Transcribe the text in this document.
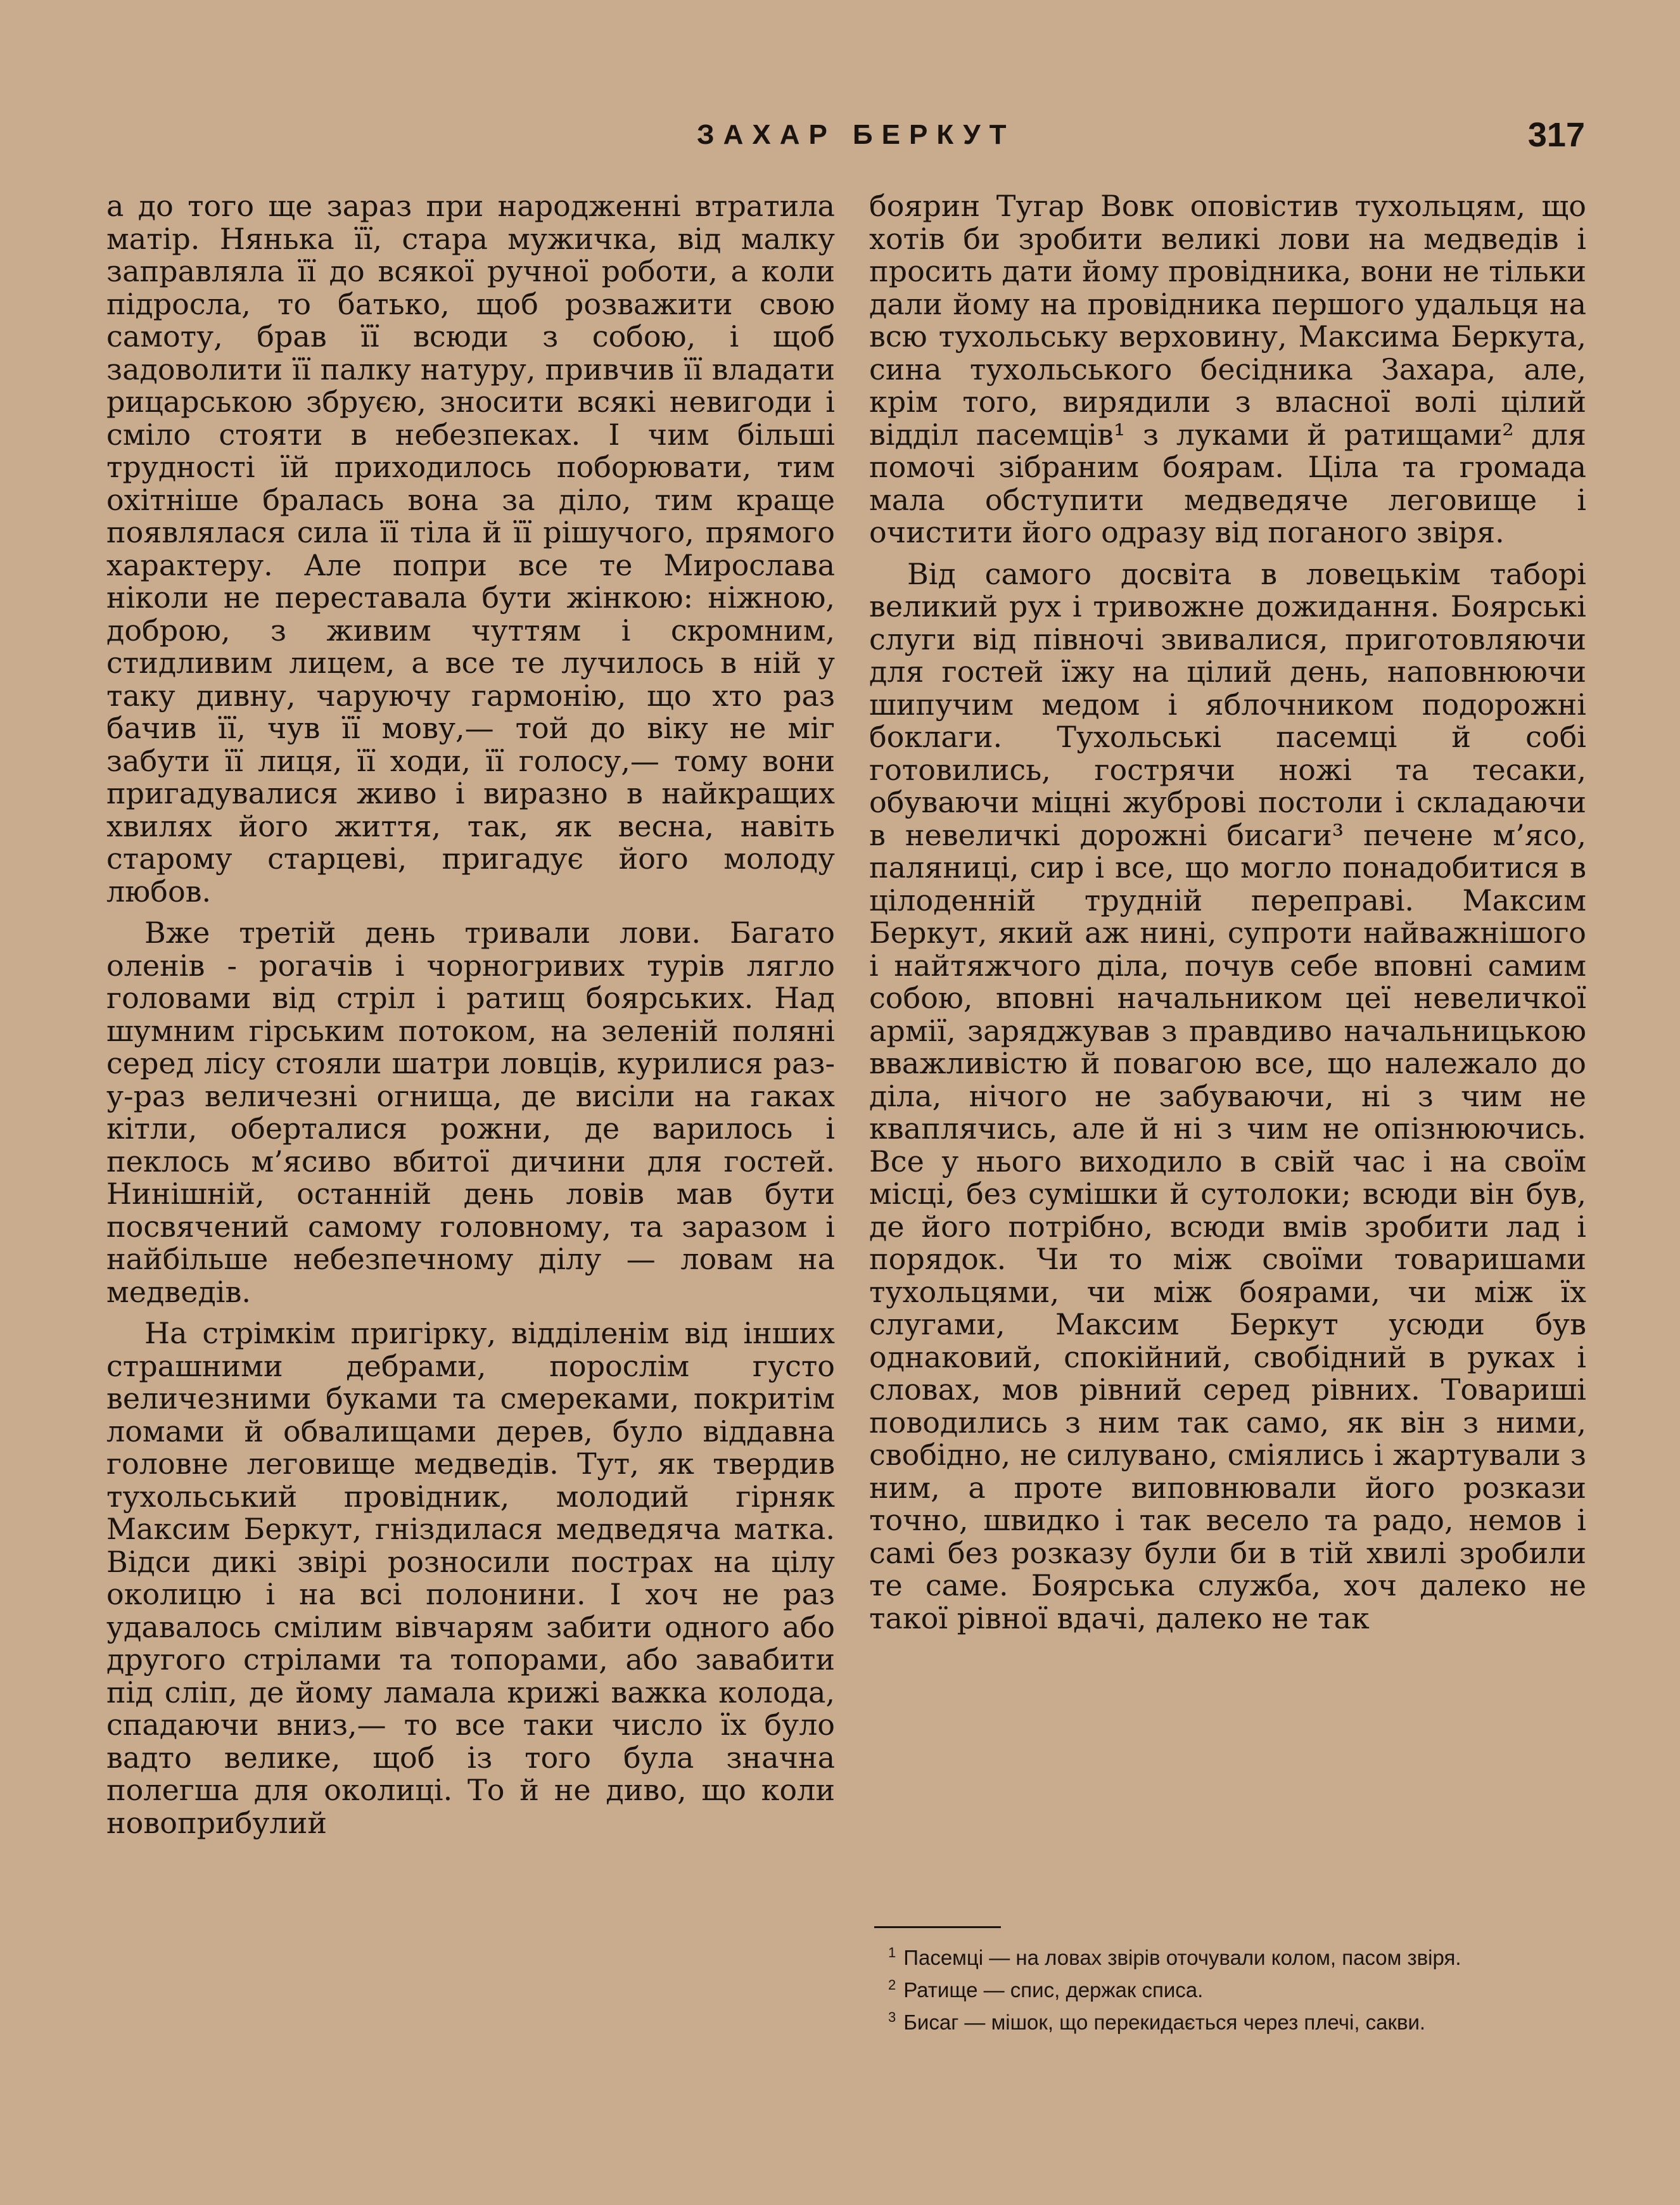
ЗАХАР БЕРКУТ	317

а до того ще зараз при народженні втратила матір. Нянька її, стара мужичка, від малку заправляла її до всякої ручної роботи, а коли підросла, то батько, щоб розважити свою самоту, брав її всюди з собою, і щоб задоволити її палку натуру, привчив її владати рицарською збруєю, зносити всякі невигоди і сміло стояти в небезпеках. І чим більші трудності їй приходилось поборювати, тим охітніше бралась вона за діло, тим краще появлялася сила її тіла й її рішучого, прямого характеру. Але попри все те Мирослава ніколи не переставала бути жінкою: ніжною, доброю, з живим чуттям і скромним, стидливим лицем, а все те лучилось в ній у таку дивну, чаруючу гармонію, що хто раз бачив її, чув її мову,— той до віку не міг забути її лиця, її ходи, її голосу,— тому вони пригадувалися живо і виразно в найкращих хвилях його життя, так, як весна, навіть старому старцеві, пригадує його молоду любов.

Вже третій день тривали лови. Багато оленів - рогачів і чорногривих турів лягло головами від стріл і ратищ боярських. Над шумним гірським потоком, на зеленій поляні серед лісу стояли шатри ловців, курилися раз-у-раз величезні огнища, де висіли на гаках кітли, оберталися рожни, де варилось і пеклось м’ясиво вбитої дичини для гостей. Нинішній, останній день ловів мав бути посвячений самому головному, та заразом і найбільше небезпечному ділу — ловам на медведів.

На стрімкім пригірку, відділенім від інших страшними дебрами, порослім густо величезними буками та смереками, покритім ломами й обвалищами дерев, було віддавна головне леговище медведів. Тут, як твердив тухольський провідник, молодий гірняк Максим Беркут, гніздилася медведяча матка. Відси дикі звірі розносили пострах на цілу околицю і на всі полонини. І хоч не раз удавалось смілим вівчарям забити одного або другого стрілами та топорами, або завабити під сліп, де йому ламала крижі важка колода, спадаючи вниз,— то все таки число їх було вадто велике, щоб із того була значна полегша для околиці. То й не диво, що коли новоприбулий

боярин Тугар Вовк оповістив тухольцям, що хотів би зробити великі лови на медведів і просить дати йому провідника, вони не тільки дали йому на провідника першого удальця на всю тухольську верховину, Максима Беркута, сина тухольського бесідника Захара, але, крім того, вирядили з власної волі цілий відділ пасемців¹ з луками й ратищами² для помочі зібраним боярам. Ціла та громада мала обступити медведяче леговище і очистити його одразу від поганого звіря.

Від самого досвіта в ловецькім таборі великий рух і тривожне дожидання. Боярські слуги від півночі звивалися, приготовляючи для гостей їжу на цілий день, наповнюючи шипучим медом і яблочником подорожні боклаги. Тухольські пасемці й собі готовились, гострячи ножі та тесаки, обуваючи міцні жуброві постоли і складаючи в невеличкі дорожні бисаги³ печене м’ясо, паляниці, сир і все, що могло понадобитися в цілоденній трудній переправі. Максим Беркут, який аж нині, супроти найважнішого і найтяжчого діла, почув себе вповні самим собою, вповні начальником цеї невеличкої армії, заряджував з правдиво начальницькою вважливістю й повагою все, що належало до діла, нічого не забуваючи, ні з чим не кваплячись, але й ні з чим не опізнюючись. Все у нього виходило в свій час і на своїм місці, без сумішки й сутолоки; всюди він був, де його потрібно, всюди вмів зробити лад і порядок. Чи то між своїми товаришами тухольцями, чи між боярами, чи між їх слугами, Максим Беркут усюди був однаковий, спокійний, свобідний в руках і словах, мов рівний серед рівних. Товариші поводились з ним так само, як він з ними, свобідно, не силувано, сміялись і жартували з ним, а проте виповнювали його розкази точно, швидко і так весело та радо, немов і самі без розказу були би в тій хвилі зробили те саме. Боярська служба, хоч далеко не такої рівної вдачі, далеко не так

$^1$ Пасемці — на ловах звірів оточували колом, пасом звіря.
$^2$ Ратище — спис, держак списа.
$^3$ Бисаг — мішок, що перекидається через плечі, сакви.
